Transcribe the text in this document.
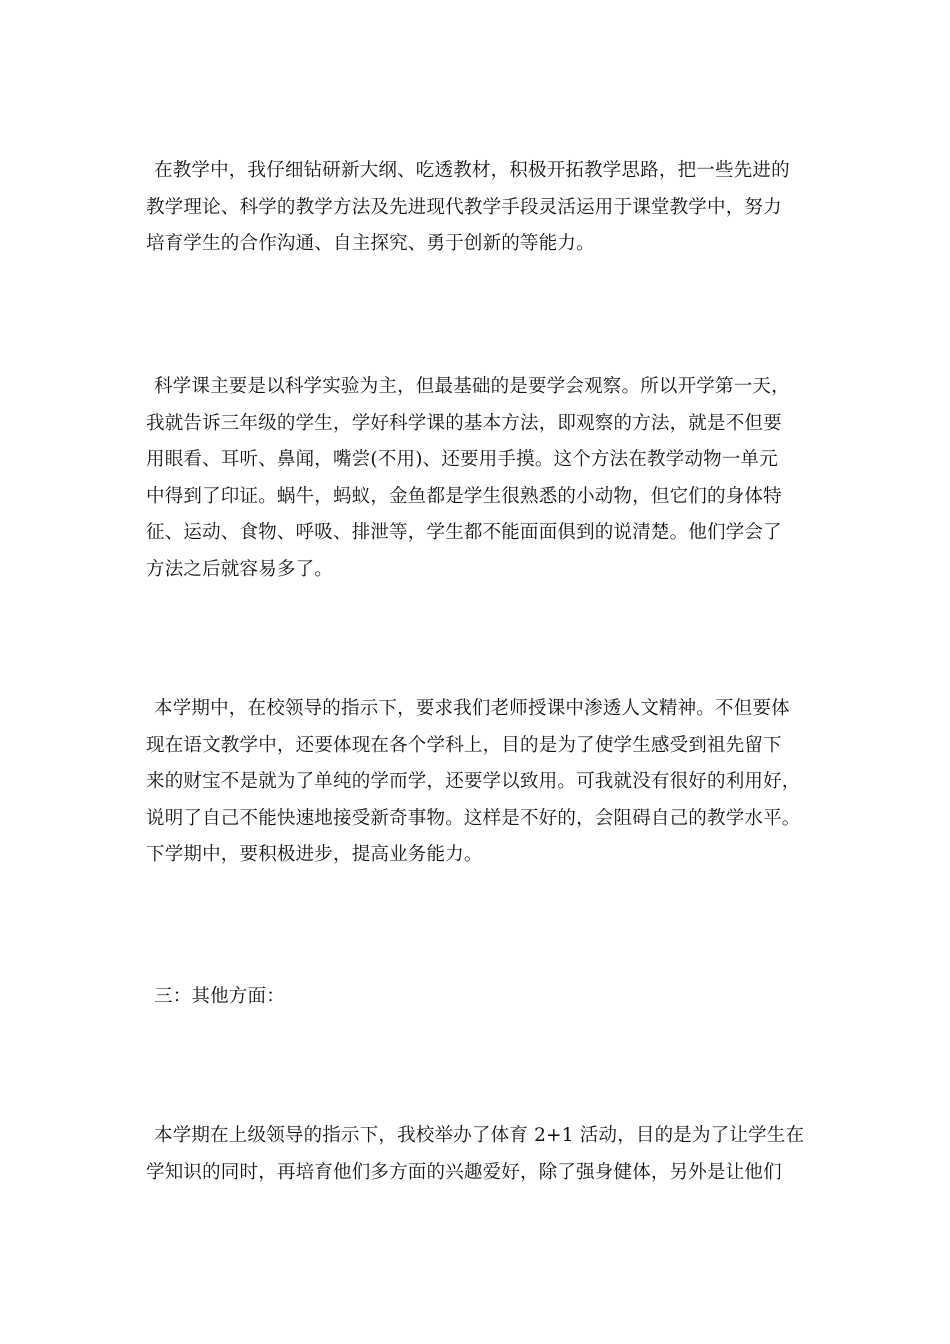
在教学中，我仔细钻研新大纲、吃透教材，积极开拓教学思路，把一些先进的
教学理论、科学的教学方法及先进现代教学手段灵活运用于课堂教学中，努力
培育学生的合作沟通、自主探究、勇于创新的等能力。
科学课主要是以科学实验为主，但最基础的是要学会观察。所以开学第一天，
我就告诉三年级的学生，学好科学课的基本方法，即观察的方法，就是不但要
用眼看、耳听、鼻闻，嘴尝(不用)、还要用手摸。这个方法在教学动物一单元
中得到了印证。蜗牛，蚂蚁，金鱼都是学生很熟悉的小动物，但它们的身体特
征、运动、食物、呼吸、排泄等，学生都不能面面俱到的说清楚。他们学会了
方法之后就容易多了。
本学期中，在校领导的指示下，要求我们老师授课中渗透人文精神。不但要体
现在语文教学中，还要体现在各个学科上，目的是为了使学生感受到祖先留下
来的财宝不是就为了单纯的学而学，还要学以致用。可我就没有很好的利用好，
说明了自己不能快速地接受新奇事物。这样是不好的，会阻碍自己的教学水平。
下学期中，要积极进步，提高业务能力。
三：其他方面：
本学期在上级领导的指示下，我校举办了体育 2+1 活动，目的是为了让学生在
学知识的同时，再培育他们多方面的兴趣爱好，除了强身健体，另外是让他们
